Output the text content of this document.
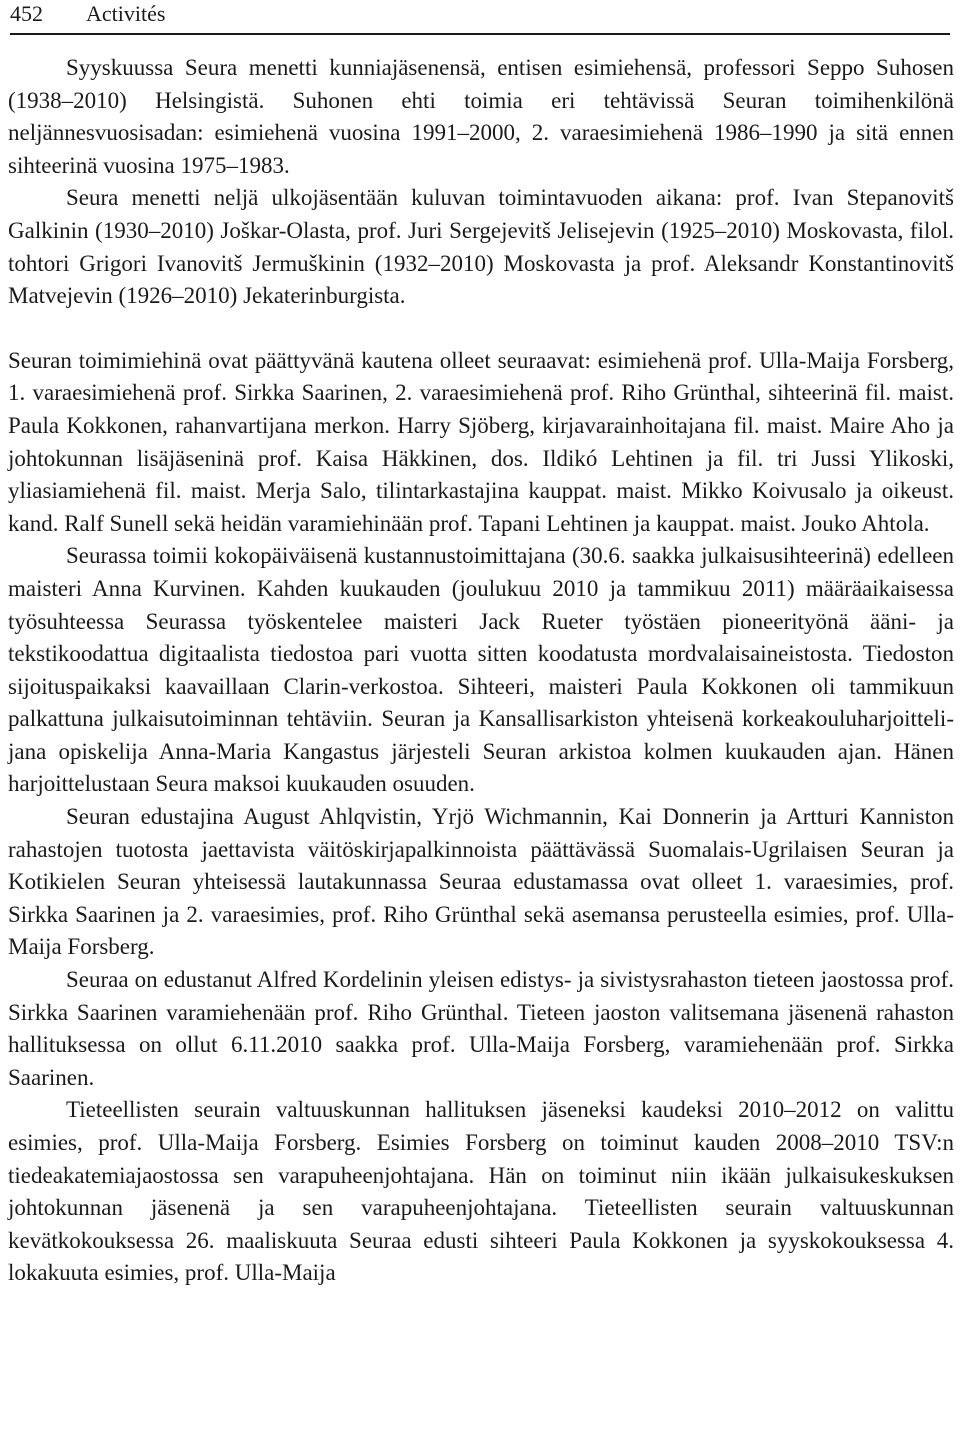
452 Activités

Syyskuussa Seura menetti kunniajäsenensä, entisen esimiehensä, professori Seppo Suhosen (1938–2010) Helsingistä. Suhonen ehti toimia eri tehtävissä Seuran toimihenkilönä neljännesvuosisadan: esimiehenä vuosina 1991–2000, 2. varaesimiehenä 1986–1990 ja sitä ennen sihteerinä vuosina 1975–1983.

Seura menetti neljä ulkojäsentään kuluvan toimintavuoden aikana: prof. Ivan Stepanovitš Galkinin (1930–2010) Joškar-Olasta, prof. Juri Sergejevitš Jelisejevin (1925–2010) Moskovasta, filol. tohtori Grigori Ivanovitš Jermuškinin (1932–2010) Moskovasta ja prof. Aleksandr Konstantinovitš Matvejevin (1926–2010) Jekaterinburgista.

Seuran toimimiehinä ovat päättyvänä kautena olleet seuraavat: esimiehenä prof. Ulla-Maija Forsberg, 1. varaesimiehenä prof. Sirkka Saarinen, 2. varaesimiehenä prof. Riho Grünthal, sihteerinä fil. maist. Paula Kokkonen, rahanvartijana merkon. Harry Sjöberg, kirjavarainhoitajana fil. maist. Maire Aho ja johtokunnan lisäjäseninä prof. Kaisa Häkkinen, dos. Ildikó Lehtinen ja fil. tri Jussi Ylikoski, yliasiamiehenä fil. maist. Merja Salo, tilintarkastajina kauppat. maist. Mikko Koivusalo ja oikeust. kand. Ralf Sunell sekä heidän varamiehinään prof. Tapani Lehtinen ja kauppat. maist. Jouko Ahtola.

Seurassa toimii kokopäiväisenä kustannustoimittajana (30.6. saakka julkaisusihteerinä) edelleen maisteri Anna Kurvinen. Kahden kuukauden (joulukuu 2010 ja tammikuu 2011) määräaikaisessa työsuhteessa Seurassa työskentelee maisteri Jack Rueter työstäen pioneerityönä ääni- ja tekstikoodattua digitaalista tiedostoa pari vuotta sitten koodatusta mordvalaisaineistosta. Tiedoston sijoituspaikaksi kaavaillaan Clarin-verkostoa. Sihteeri, maisteri Paula Kokkonen oli tammikuun palkattuna julkaisutoiminnan tehtäviin. Seuran ja Kansallisarkiston yhteisenä korkeakouluharjoittelijana opiskelija Anna-Maria Kangastus järjesteli Seuran arkistoa kolmen kuukauden ajan. Hänen harjoittelustaan Seura maksoi kuukauden osuuden.

Seuran edustajina August Ahlqvistin, Yrjö Wichmannin, Kai Donnerin ja Artturi Kanniston rahastojen tuotosta jaettavista väitöskirjapalkinnoista päättävässä Suomalais-Ugrilaisen Seuran ja Kotikielen Seuran yhteisessä lautakunnassa Seuraa edustamassa ovat olleet 1. varaesimies, prof. Sirkka Saarinen ja 2. varaesimies, prof. Riho Grünthal sekä asemansa perusteella esimies, prof. Ulla-Maija Forsberg.

Seuraa on edustanut Alfred Kordelinin yleisen edistys- ja sivistysrahaston tieteen jaostossa prof. Sirkka Saarinen varamiehenään prof. Riho Grünthal. Tieteen jaoston valitsemana jäsenenä rahaston hallituksessa on ollut 6.11.2010 saakka prof. Ulla-Maija Forsberg, varamiehenään prof. Sirkka Saarinen.

Tieteellisten seurain valtuuskunnan hallituksen jäseneksi kaudeksi 2010–2012 on valittu esimies, prof. Ulla-Maija Forsberg. Esimies Forsberg on toiminut kauden 2008–2010 TSV:n tiedeakatemiajaostossa sen varapuheenjohtajana. Hän on toiminut niin ikään julkaisukeskuksen johtokunnan jäsenenä ja sen varapuheenjohtajana. Tieteellisten seurain valtuuskunnan kevätkokouksessa 26. maaliskuuta Seuraa edusti sihteeri Paula Kokkonen ja syyskokouksessa 4. lokakuuta esimies, prof. Ulla-Maija
